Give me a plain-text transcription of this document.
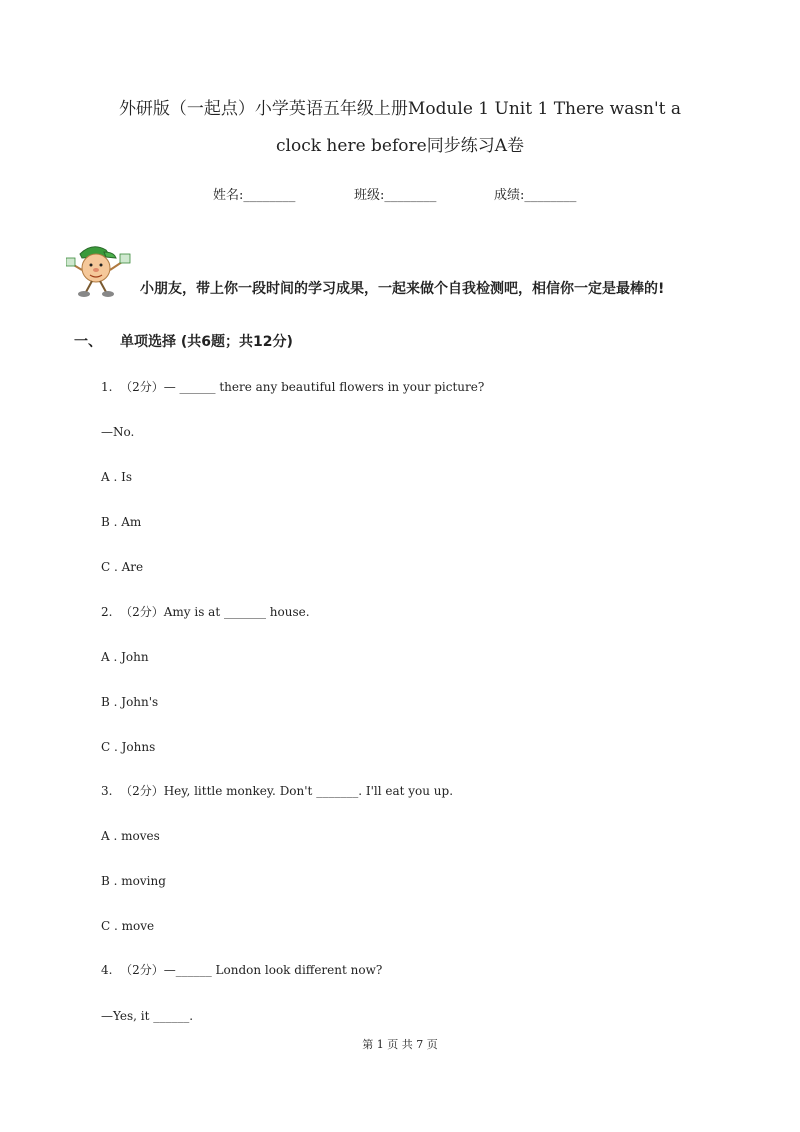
外研版（一起点）小学英语五年级上册Module 1 Unit 1 There wasn't a
clock here before同步练习A卷
姓名:________	班级:________	成绩:________
小朋友，带上你一段时间的学习成果，一起来做个自我检测吧，相信你一定是最棒的!
一、 单项选择 (共6题；共12分)
1.  （2分）— ______ there any beautiful flowers in your picture?
—No.
A . Is
B . Am
C . Are
2.  （2分）Amy is at _______ house.
A . John
B . John's
C . Johns
3.  （2分）Hey, little monkey. Don't _______. I'll eat you up.
A . moves
B . moving
C . move
4.  （2分）—______ London look different now?
—Yes, it ______.
第 1 页 共 7 页
